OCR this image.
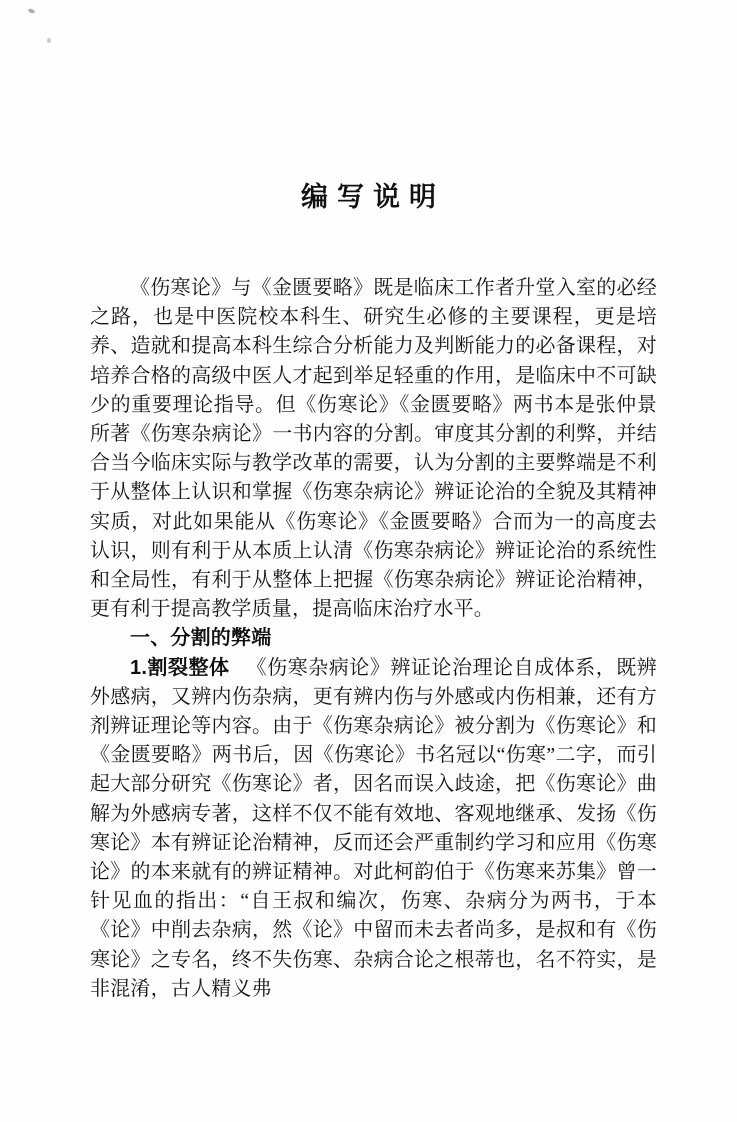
编写说明

《伤寒论》与《金匮要略》既是临床工作者升堂入室的必经之路，也是中医院校本科生、研究生必修的主要课程，更是培养、造就和提高本科生综合分析能力及判断能力的必备课程，对培养合格的高级中医人才起到举足轻重的作用，是临床中不可缺少的重要理论指导。但《伤寒论》《金匮要略》两书本是张仲景所著《伤寒杂病论》一书内容的分割。审度其分割的利弊，并结合当今临床实际与教学改革的需要，认为分割的主要弊端是不利于从整体上认识和掌握《伤寒杂病论》辨证论治的全貌及其精神实质，对此如果能从《伤寒论》《金匮要略》合而为一的高度去认识，则有利于从本质上认清《伤寒杂病论》辨证论治的系统性和全局性，有利于从整体上把握《伤寒杂病论》辨证论治精神，更有利于提高教学质量，提高临床治疗水平。

一、分割的弊端

1.割裂整体 《伤寒杂病论》辨证论治理论自成体系，既辨外感病，又辨内伤杂病，更有辨内伤与外感或内伤相兼，还有方剂辨证理论等内容。由于《伤寒杂病论》被分割为《伤寒论》和《金匮要略》两书后，因《伤寒论》书名冠以“伤寒”二字，而引起大部分研究《伤寒论》者，因名而误入歧途，把《伤寒论》曲解为外感病专著，这样不仅不能有效地、客观地继承、发扬《伤寒论》本有辨证论治精神，反而还会严重制约学习和应用《伤寒论》的本来就有的辨证精神。对此柯韵伯于《伤寒来苏集》曾一针见血的指出：“自王叔和编次，伤寒、杂病分为两书，于本《论》中削去杂病，然《论》中留而未去者尚多，是叔和有《伤寒论》之专名，终不失伤寒、杂病合论之根蒂也，名不符实，是非混淆，古人精义弗
